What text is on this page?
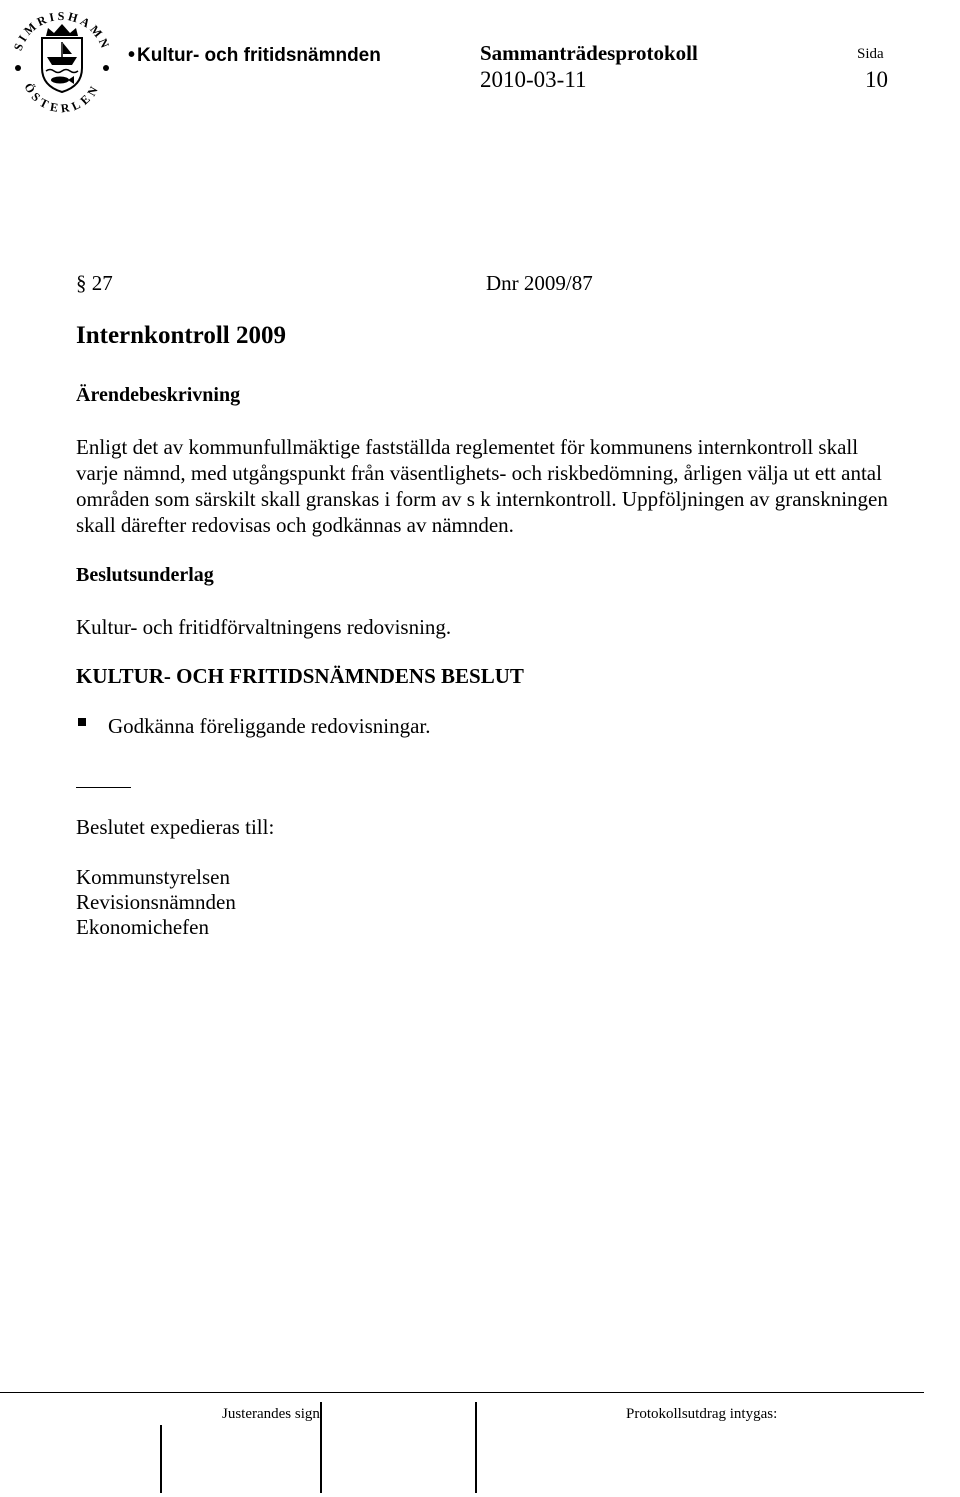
SIMRISHAMN
ÖSTERLEN
• Kultur- och fritidsnämnden	Sammanträdesprotokoll	Sida
2010-03-11	10
§ 27	Dnr 2009/87
Internkontroll 2009
Ärendebeskrivning
Enligt det av kommunfullmäktige fastställda reglementet för kommunens internkontroll skall
varje nämnd, med utgångspunkt från väsentlighets- och riskbedömning, årligen välja ut ett antal
områden som särskilt skall granskas i form av s k internkontroll. Uppföljningen av granskningen
skall därefter redovisas och godkännas av nämnden.
Beslutsunderlag
Kultur- och fritidförvaltningens redovisning.
KULTUR- OCH FRITIDSNÄMNDENS BESLUT
Godkänna föreliggande redovisningar.
Beslutet expedieras till:
Kommunstyrelsen
Revisionsnämnden
Ekonomichefen
Justerandes sign	Protokollsutdrag intygas:
